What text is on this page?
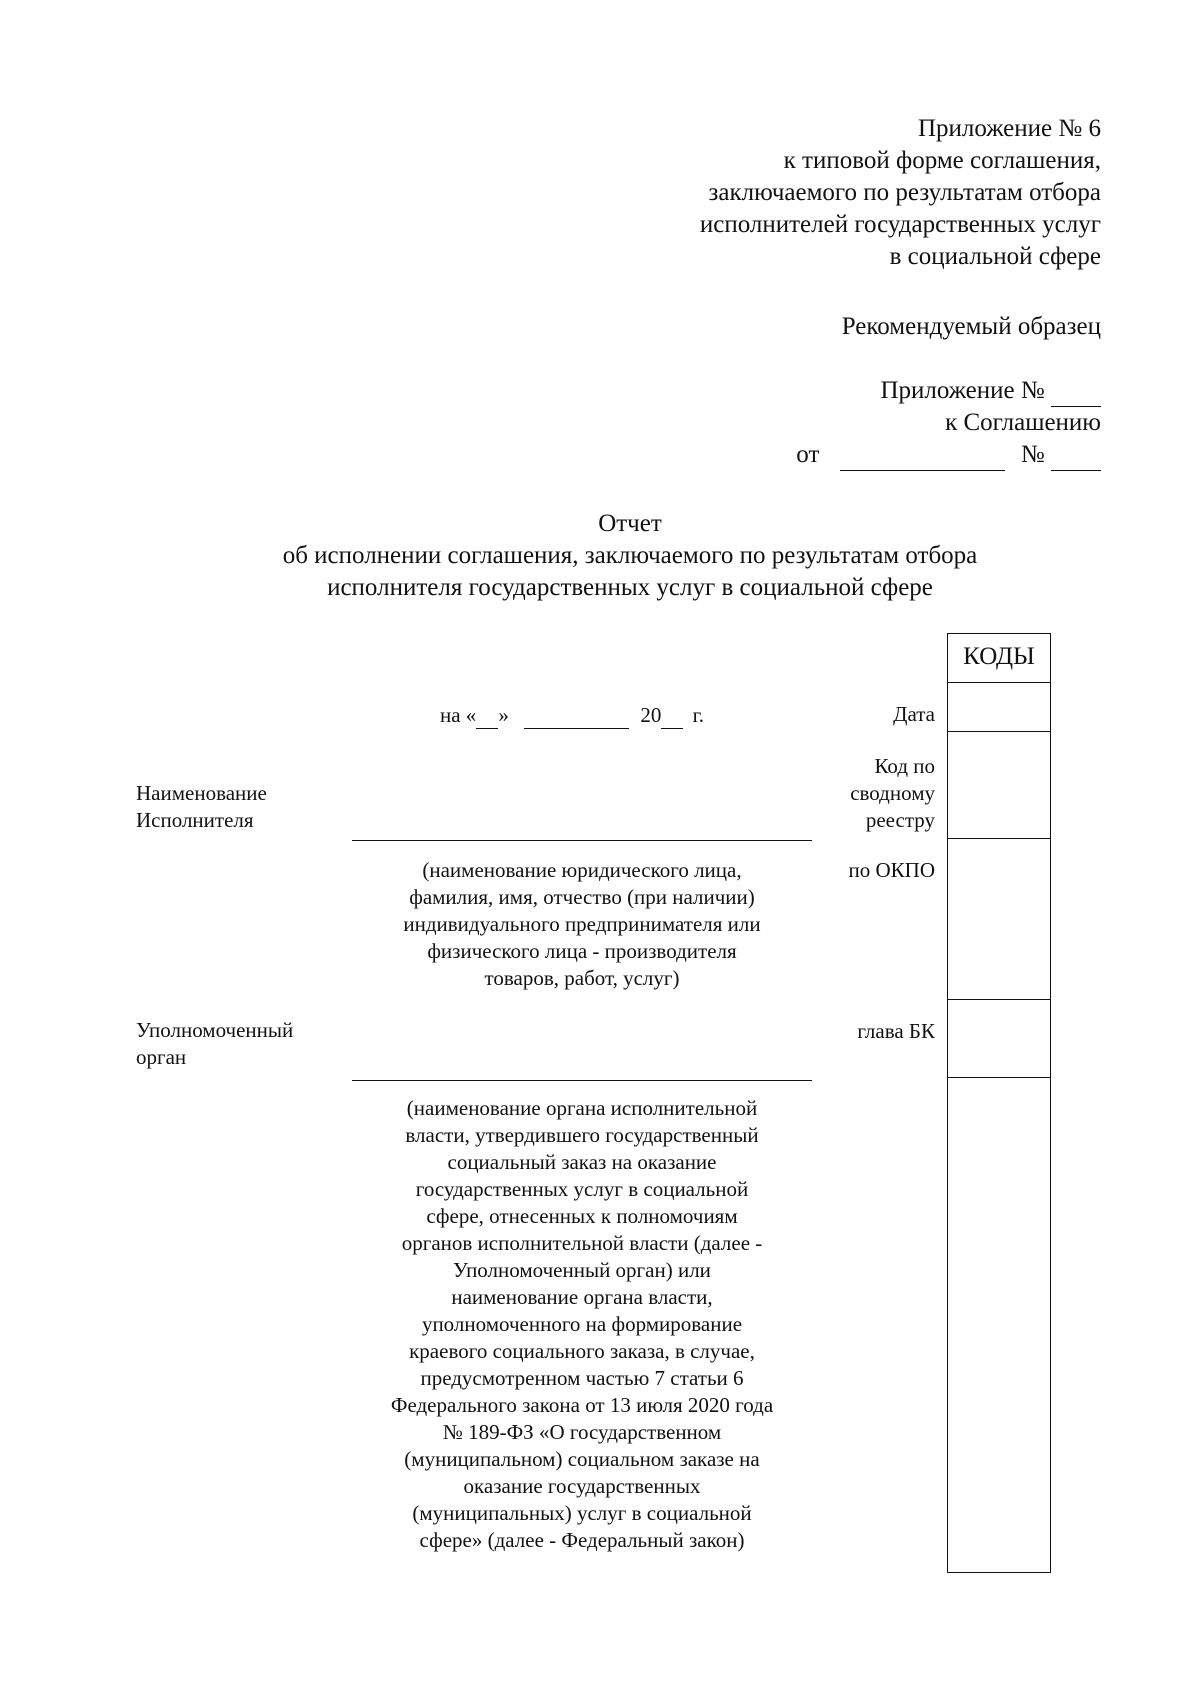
Приложение № 6
к типовой форме соглашения,
заключаемого по результатам отбора
исполнителей государственных услуг
в социальной сфере
Рекомендуемый образец
Приложение №
к Соглашению
от	№
Отчет
об исполнении соглашения, заключаемого по результатам отбора
исполнителя государственных услуг в социальной сфере
на « »	20 г.
КОДЫ
Дата
Код по
сводному
реестру
по ОКПО
глава БК
Наименование
Исполнителя
(наименование юридического лица,
фамилия, имя, отчество (при наличии)
индивидуального предпринимателя или
физического лица - производителя
товаров, работ, услуг)
Уполномоченный
орган
(наименование органа исполнительной
власти, утвердившего государственный
социальный заказ на оказание
государственных услуг в социальной
сфере, отнесенных к полномочиям
органов исполнительной власти (далее -
Уполномоченный орган) или
наименование органа власти,
уполномоченного на формирование
краевого социального заказа, в случае,
предусмотренном частью 7 статьи 6
Федерального закона от 13 июля 2020 года
№ 189-ФЗ «О государственном
(муниципальном) социальном заказе на
оказание государственных
(муниципальных) услуг в социальной
сфере» (далее - Федеральный закон)
